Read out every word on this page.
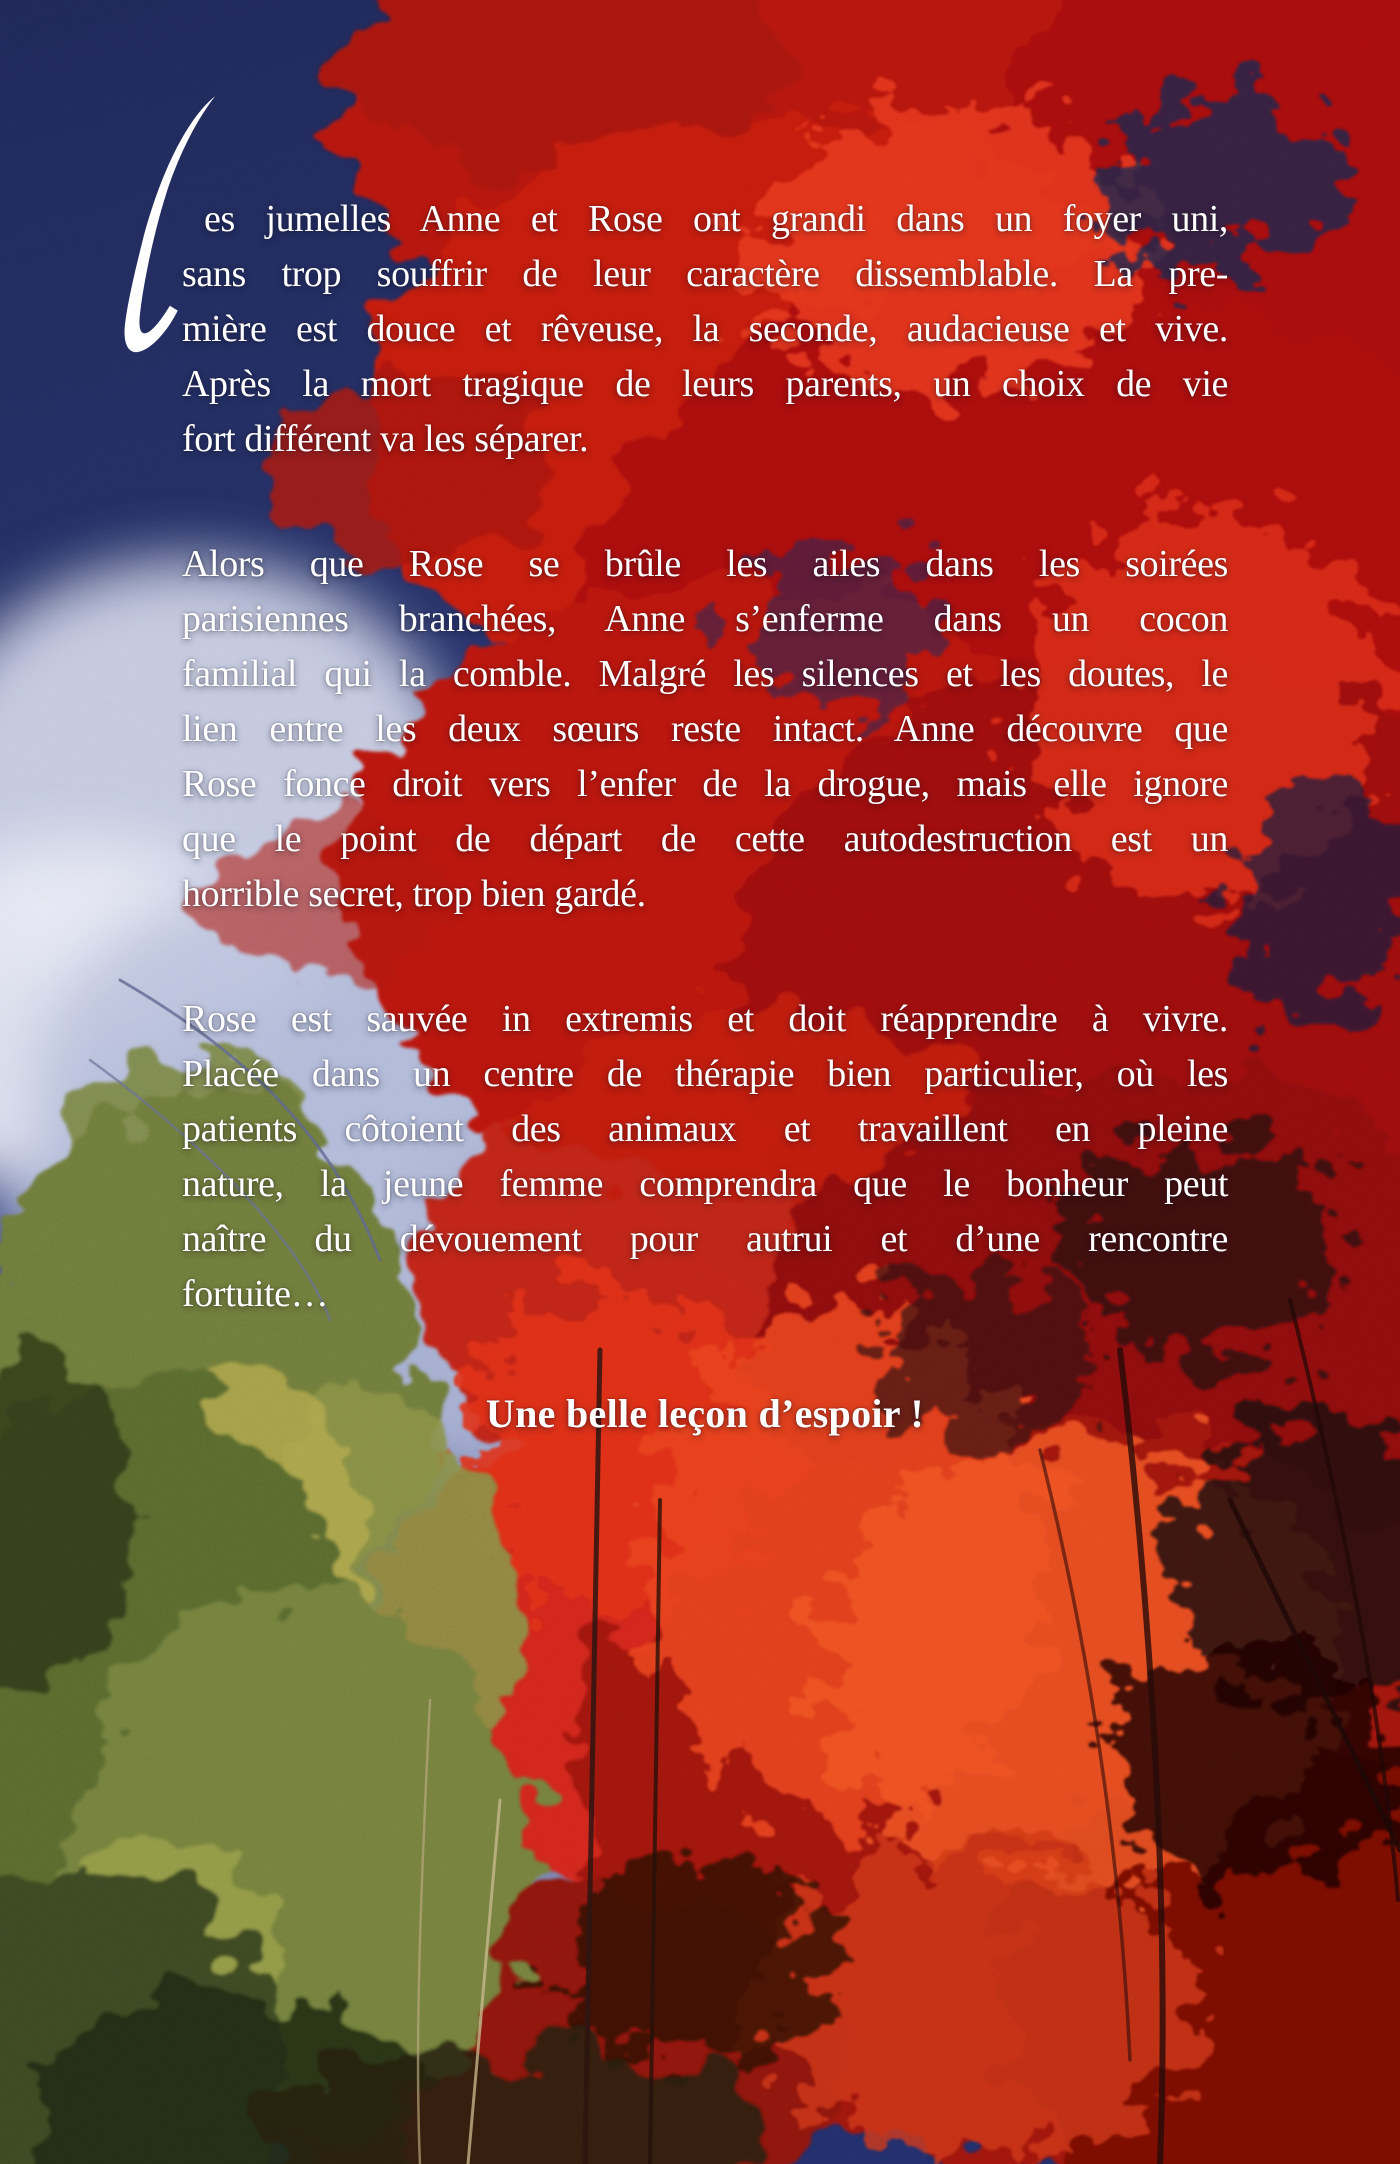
es jumelles Anne et Rose ont grandi dans un foyer uni,
sans trop souffrir de leur caractère dissemblable. La pre-
mière est douce et rêveuse, la seconde, audacieuse et vive.
Après la mort tragique de leurs parents, un choix de vie
fort différent va les séparer.
Alors que Rose se brûle les ailes dans les soirées
parisiennes branchées, Anne s’enferme dans un cocon
familial qui la comble. Malgré les silences et les doutes, le
lien entre les deux sœurs reste intact. Anne découvre que
Rose fonce droit vers l’enfer de la drogue, mais elle ignore
que le point de départ de cette autodestruction est un
horrible secret, trop bien gardé.
Rose est sauvée in extremis et doit réapprendre à vivre.
Placée dans un centre de thérapie bien particulier, où les
patients côtoient des animaux et travaillent en pleine
nature, la jeune femme comprendra que le bonheur peut
naître du dévouement pour autrui et d’une rencontre
fortuite…
Une belle leçon d’espoir !
